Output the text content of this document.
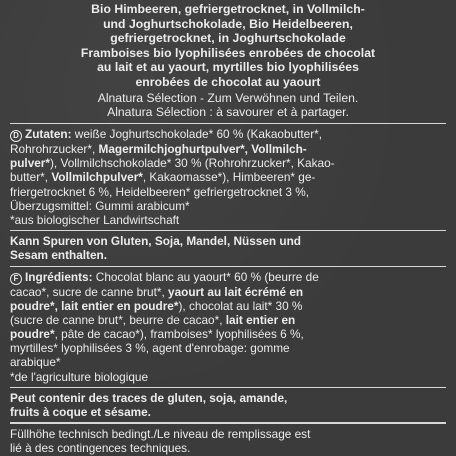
Bio Himbeeren, gefriergetrocknet, in Vollmilch-

und Joghurtschokolade, Bio Heidelbeeren,

gefriergetrocknet, in Joghurtschokolade

Framboises bio lyophilisées enrobées de chocolat

au lait et au yaourt, myrtilles bio lyophilisées

enrobées de chocolat au yaourt

Alnatura Sélection - Zum Verwöhnen und Teilen.

Alnatura Sélection : à savourer et à partager.

D Zutaten: weiße Joghurtschokolade* 60 % (Kakaobutter*,
Rohrohrzucker*, Magermilchjoghurtpulver*, Vollmilch-
pulver*), Vollmilchschokolade* 30 % (Rohrohrzucker*, Kakao-
butter*, Vollmilchpulver*, Kakaomasse*), Himbeeren* ge-
friergetrocknet 6 %, Heidelbeeren* gefriergetrocknet 3 %,
Überzugsmittel: Gummi arabicum*
*aus biologischer Landwirtschaft
Kann Spuren von Gluten, Soja, Mandel, Nüssen und
Sesam enthalten.
F Ingrédients: Chocolat blanc au yaourt* 60 % (beurre de
cacao*, sucre de canne brut*, yaourt au lait écrémé en
poudre*, lait entier en poudre*), chocolat au lait* 30 %
(sucre de canne brut*, beurre de cacao*, lait entier en
poudre*, pâte de cacao*), framboises* lyophilisées 6 %,
myrtilles* lyophilisées 3 %, agent d'enrobage: gomme
arabique*
*de l'agriculture biologique
Peut contenir des traces de gluten, soja, amande,
fruits à coque et sésame.
Füllhöhe technisch bedingt./Le niveau de remplissage est
lié à des contingences techniques.
